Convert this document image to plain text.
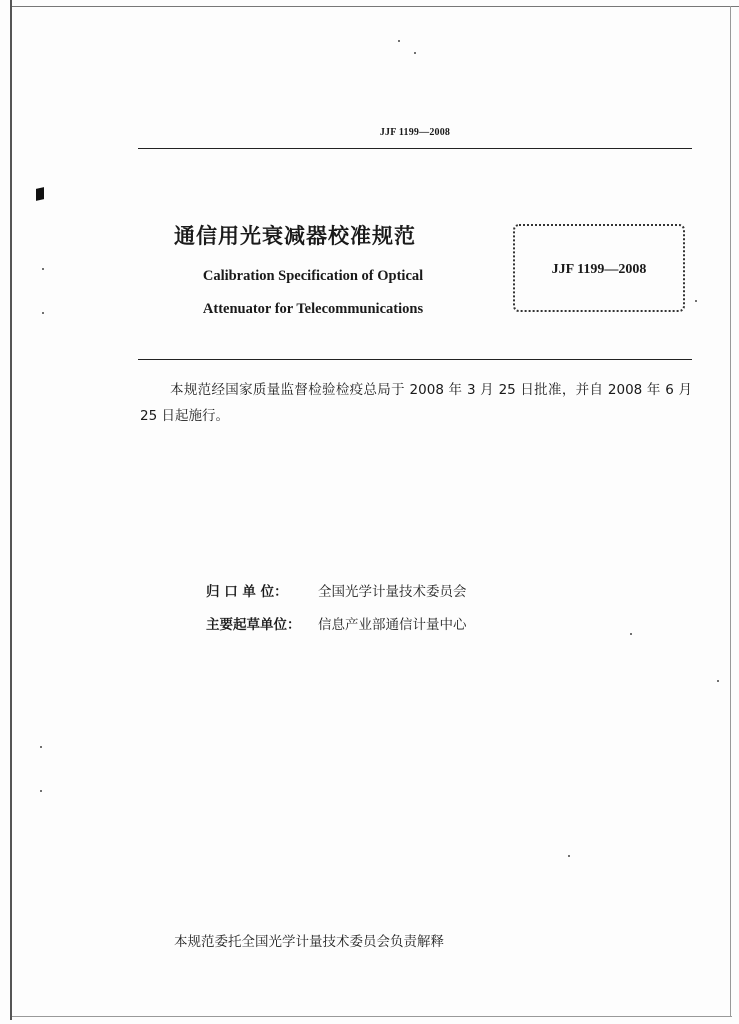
JJF 1199—2008
通信用光衰减器校准规范
Calibration Specification of Optical
Attenuator for Telecommunications
JJF 1199—2008
本规范经国家质量监督检验检疫总局于 2008 年 3 月 25 日批准，并自 2008 年 6 月 25 日起施行。
归 口 单 位： 全国光学计量技术委员会
主要起草单位： 信息产业部通信计量中心
本规范委托全国光学计量技术委员会负责解释
